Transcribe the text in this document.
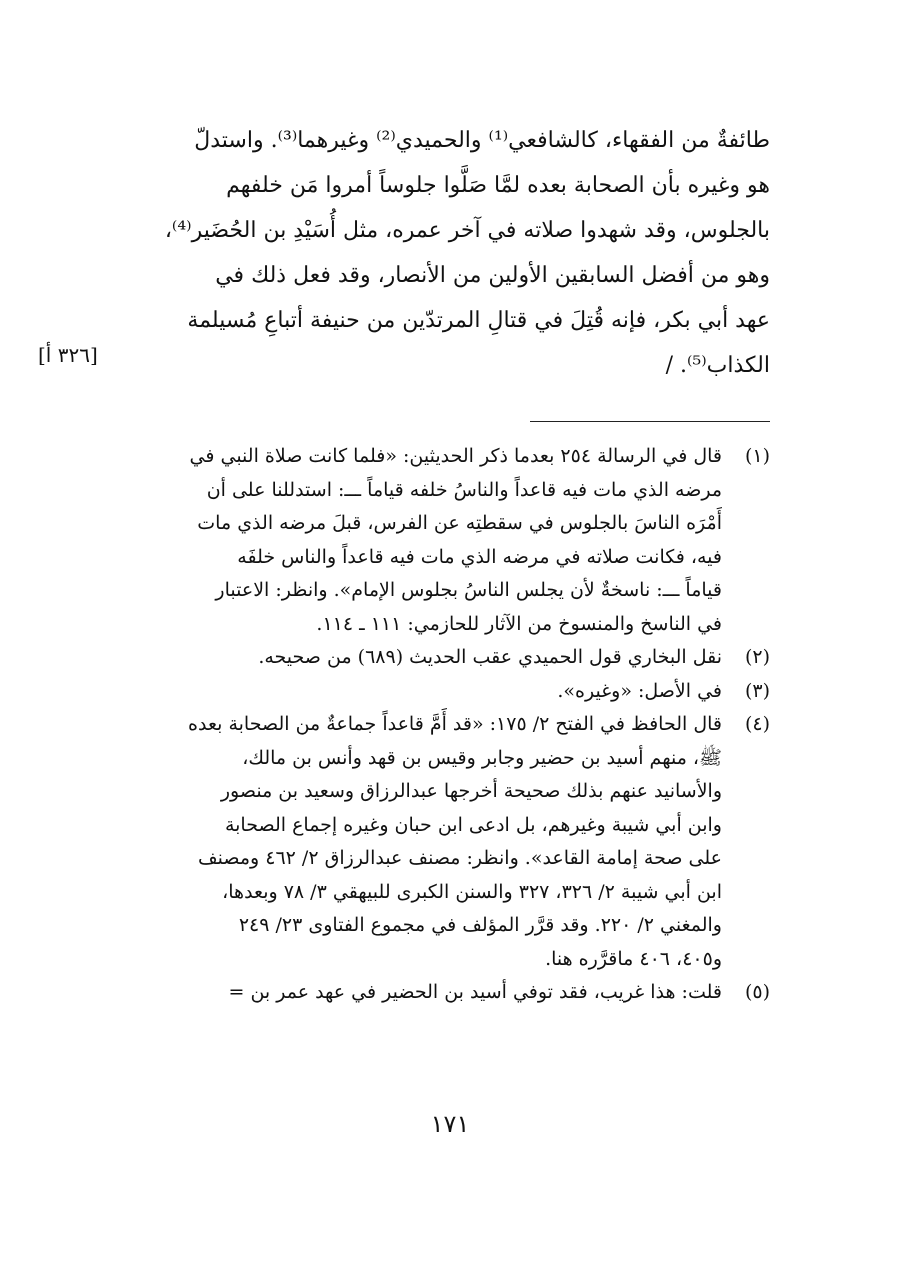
طائفةٌ من الفقهاء، كالشافعي⁽¹⁾ والحميدي⁽²⁾ وغيرهما⁽³⁾. واستدلّ
هو وغيره بأن الصحابة بعده لمَّا صَلَّوا جلوساً أمروا مَن خلفهم
بالجلوس، وقد شهدوا صلاته في آخر عمره، مثل أُسَيْدِ بن الحُضَير⁽⁴⁾،
وهو من أفضل السابقين الأولين من الأنصار، وقد فعل ذلك في
عهد أبي بكر، فإنه قُتِلَ في قتالِ المرتدّين من حنيفة أتباعِ مُسيلمة
الكذاب⁽⁵⁾. /
[٣٢٦ أ]
(١)
قال في الرسالة ٢٥٤ بعدما ذكر الحديثين: «فلما كانت صلاة النبي في
مرضه الذي مات فيه قاعداً والناسُ خلفه قياماً ـــ: استدللنا على أن
أَمْرَه الناسَ بالجلوس في سقطتِه عن الفرس، قبلَ مرضه الذي مات
فيه، فكانت صلاته في مرضه الذي مات فيه قاعداً والناس خلفَه
قياماً ـــ: ناسخةٌ لأن يجلس الناسُ بجلوس الإمام». وانظر: الاعتبار
في الناسخ والمنسوخ من الآثار للحازمي: ١١١ ـ ١١٤.
(٢)
نقل البخاري قول الحميدي عقب الحديث (٦٨٩) من صحيحه.
(٣)
في الأصل: «وغيره».
(٤)
قال الحافظ في الفتح ٢/ ١٧٥: «قد أَمَّ قاعداً جماعةٌ من الصحابة بعده
ﷺ، منهم أسيد بن حضير وجابر وقيس بن قهد وأنس بن مالك،
والأسانيد عنهم بذلك صحيحة أخرجها عبدالرزاق وسعيد بن منصور
وابن أبي شيبة وغيرهم، بل ادعى ابن حبان وغيره إجماع الصحابة
على صحة إمامة القاعد». وانظر: مصنف عبدالرزاق ٢/ ٤٦٢ ومصنف
ابن أبي شيبة ٢/ ٣٢٦، ٣٢٧ والسنن الكبرى للبيهقي ٣/ ٧٨ وبعدها،
والمغني ٢/ ٢٢٠. وقد قرَّر المؤلف في مجموع الفتاوى ٢٣/ ٢٤٩
و٤٠٥، ٤٠٦ ماقرَّره هنا.
(٥)
قلت: هذا غريب، فقد توفي أسيد بن الحضير في عهد عمر بن =
١٧١
